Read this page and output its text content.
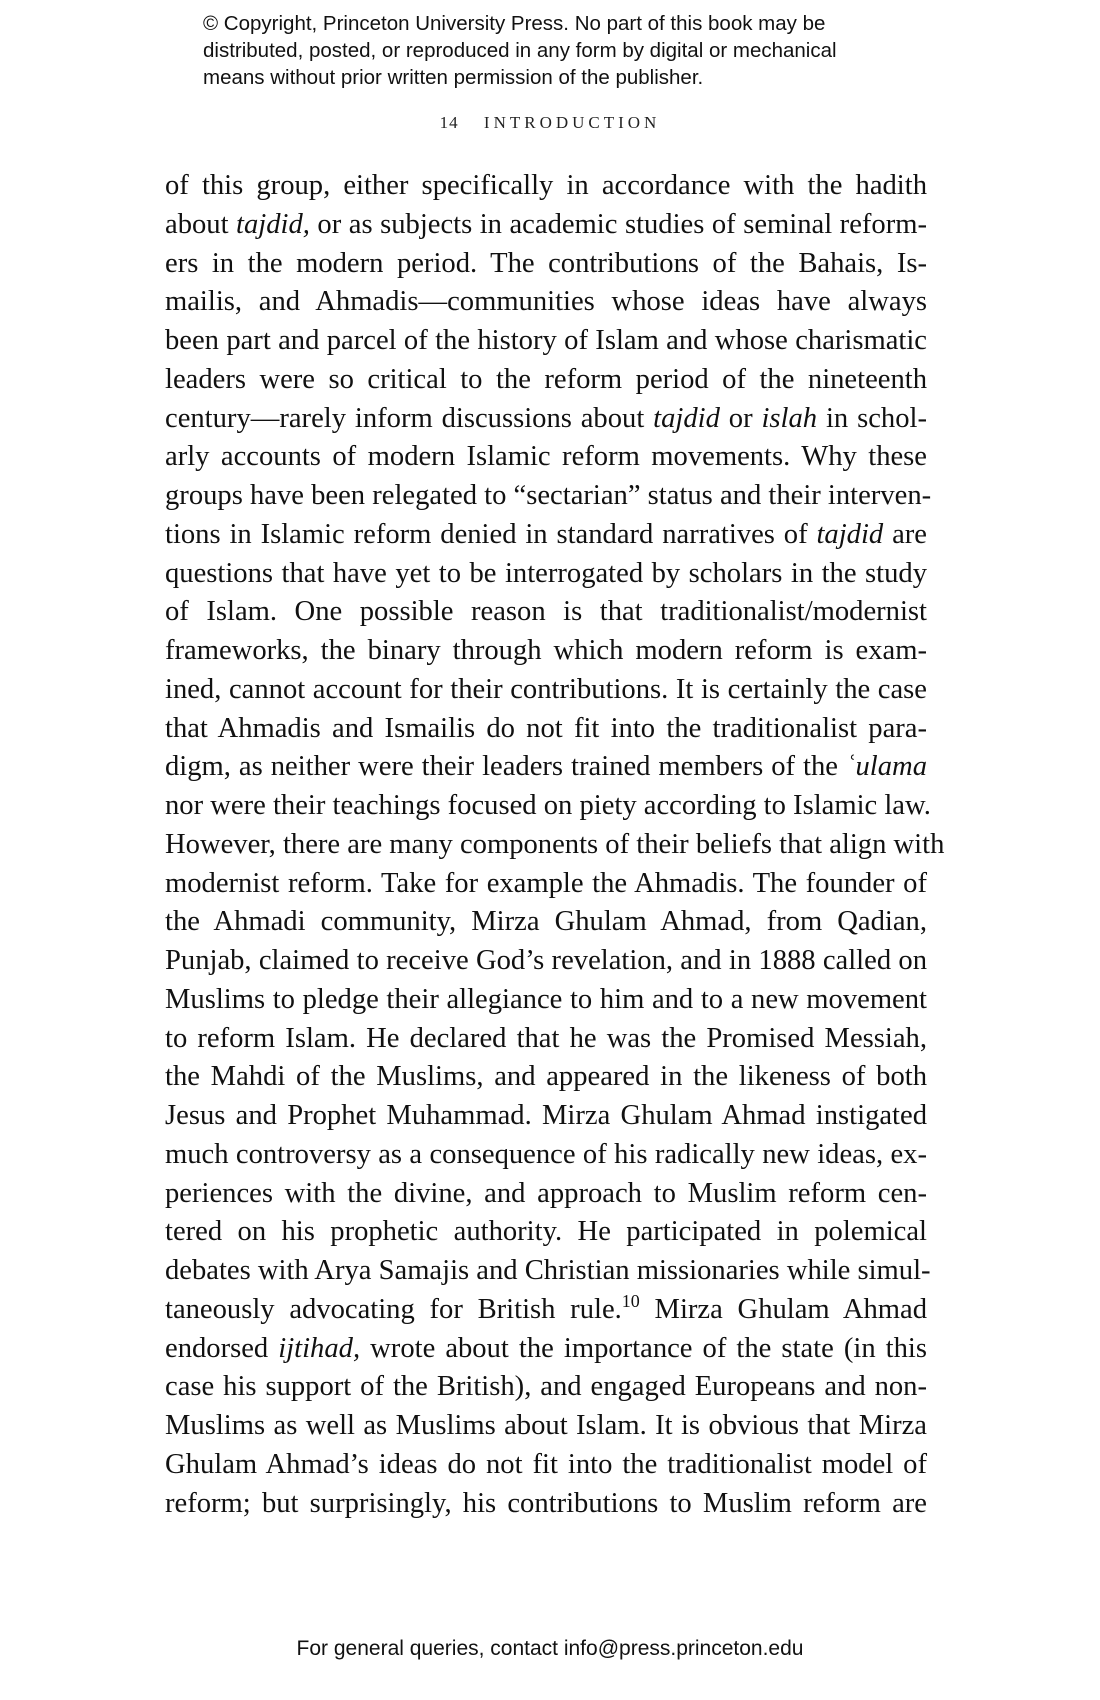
© Copyright, Princeton University Press. No part of this book may be
distributed, posted, or reproduced in any form by digital or mechanical
means without prior written permission of the publisher.
14 INTRODUCTION
of this group, either specifically in accordance with the hadith
about tajdid, or as subjects in academic studies of seminal reform-
ers in the modern period. The contributions of the Bahais, Is-
mailis, and Ahmadis—communities whose ideas have always
been part and parcel of the history of Islam and whose charismatic
leaders were so critical to the reform period of the nineteenth
century—rarely inform discussions about tajdid or islah in schol-
arly accounts of modern Islamic reform movements. Why these
groups have been relegated to “sectarian” status and their interven-
tions in Islamic reform denied in standard narratives of tajdid are
questions that have yet to be interrogated by scholars in the study
of Islam. One possible reason is that traditionalist/modernist
frameworks, the binary through which modern reform is exam-
ined, cannot account for their contributions. It is certainly the case
that Ahmadis and Ismailis do not fit into the traditionalist para-
digm, as neither were their leaders trained members of the ʿulama
nor were their teachings focused on piety according to Islamic law.
However, there are many components of their beliefs that align with
modernist reform. Take for example the Ahmadis. The founder of
the Ahmadi community, Mirza Ghulam Ahmad, from Qadian,
Punjab, claimed to receive God’s revelation, and in 1888 called on
Muslims to pledge their allegiance to him and to a new movement
to reform Islam. He declared that he was the Promised Messiah,
the Mahdi of the Muslims, and appeared in the likeness of both
Jesus and Prophet Muhammad. Mirza Ghulam Ahmad instigated
much controversy as a consequence of his radically new ideas, ex-
periences with the divine, and approach to Muslim reform cen-
tered on his prophetic authority. He participated in polemical
debates with Arya Samajis and Christian missionaries while simul-
taneously advocating for British rule.$^{10}$ Mirza Ghulam Ahmad
endorsed ijtihad, wrote about the importance of the state (in this
case his support of the British), and engaged Europeans and non-
Muslims as well as Muslims about Islam. It is obvious that Mirza
Ghulam Ahmad’s ideas do not fit into the traditionalist model of
reform; but surprisingly, his contributions to Muslim reform are
For general queries, contact info@press.princeton.edu
